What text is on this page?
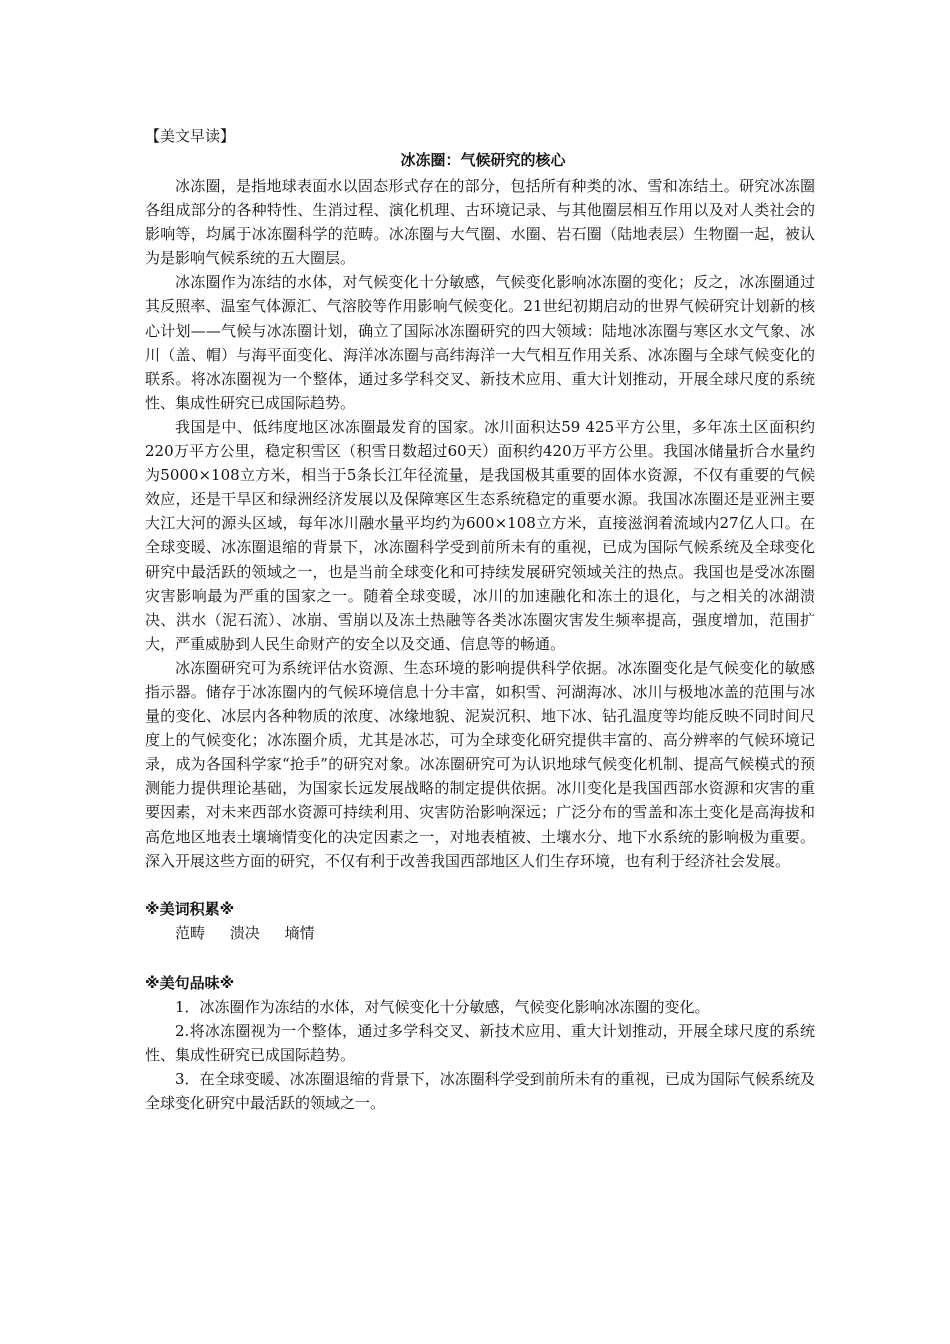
【美文早读】

冰冻圈：气候研究的核心

冰冻圈，是指地球表面水以固态形式存在的部分，包括所有种类的冰、雪和冻结土。研究冰冻圈各组成部分的各种特性、生消过程、演化机理、古环境记录、与其他圈层相互作用以及对人类社会的影响等，均属于冰冻圈科学的范畴。冰冻圈与大气圈、水圈、岩石圈（陆地表层）生物圈一起，被认为是影响气候系统的五大圈层。

冰冻圈作为冻结的水体，对气候变化十分敏感，气候变化影响冰冻圈的变化；反之，冰冻圈通过其反照率、温室气体源汇、气溶胶等作用影响气候变化。21世纪初期启动的世界气候研究计划新的核心计划——气候与冰冻圈计划，确立了国际冰冻圈研究的四大领域：陆地冰冻圈与寒区水文气象、冰川（盖、帽）与海平面变化、海洋冰冻圈与高纬海洋一大气相互作用关系、冰冻圈与全球气候变化的联系。将冰冻圈视为一个整体，通过多学科交叉、新技术应用、重大计划推动，开展全球尺度的系统性、集成性研究已成国际趋势。

我国是中、低纬度地区冰冻圈最发育的国家。冰川面积达59 425平方公里，多年冻土区面积约220万平方公里，稳定积雪区（积雪日数超过60天）面积约420万平方公里。我国冰储量折合水量约为5000×108立方米，相当于5条长江年径流量，是我国极其重要的固体水资源，不仅有重要的气候效应，还是干旱区和绿洲经济发展以及保障寒区生态系统稳定的重要水源。我国冰冻圈还是亚洲主要大江大河的源头区域，每年冰川融水量平均约为600×108立方米，直接滋润着流域内27亿人口。在全球变暖、冰冻圈退缩的背景下，冰冻圈科学受到前所未有的重视，已成为国际气候系统及全球变化研究中最活跃的领域之一，也是当前全球变化和可持续发展研究领域关注的热点。我国也是受冰冻圈灾害影响最为严重的国家之一。随着全球变暖，冰川的加速融化和冻土的退化，与之相关的冰湖溃决、洪水（泥石流）、冰崩、雪崩以及冻土热融等各类冰冻圈灾害发生频率提高，强度增加，范围扩大，严重威胁到人民生命财产的安全以及交通、信息等的畅通。

冰冻圈研究可为系统评估水资源、生态环境的影响提供科学依据。冰冻圈变化是气候变化的敏感指示器。储存于冰冻圈内的气候环境信息十分丰富，如积雪、河湖海冰、冰川与极地冰盖的范围与冰量的变化、冰层内各种物质的浓度、冰缘地貌、泥炭沉积、地下冰、钻孔温度等均能反映不同时间尺度上的气候变化；冰冻圈介质，尤其是冰芯，可为全球变化研究提供丰富的、高分辨率的气候环境记录，成为各国科学家“抢手”的研究对象。冰冻圈研究可为认识地球气候变化机制、提高气候模式的预测能力提供理论基础，为国家长远发展战略的制定提供依据。冰川变化是我国西部水资源和灾害的重要因素，对未来西部水资源可持续利用、灾害防治影响深远；广泛分布的雪盖和冻土变化是高海拔和高危地区地表土壤墒情变化的决定因素之一，对地表植被、土壤水分、地下水系统的影响极为重要。深入开展这些方面的研究，不仅有利于改善我国西部地区人们生存环境，也有利于经济社会发展。

※美词积累※

范畴 溃决 墒情

※美句品味※

1．冰冻圈作为冻结的水体，对气候变化十分敏感，气候变化影响冰冻圈的变化。

2.将冰冻圈视为一个整体，通过多学科交叉、新技术应用、重大计划推动，开展全球尺度的系统性、集成性研究已成国际趋势。

3．在全球变暖、冰冻圈退缩的背景下，冰冻圈科学受到前所未有的重视，已成为国际气候系统及全球变化研究中最活跃的领域之一。
